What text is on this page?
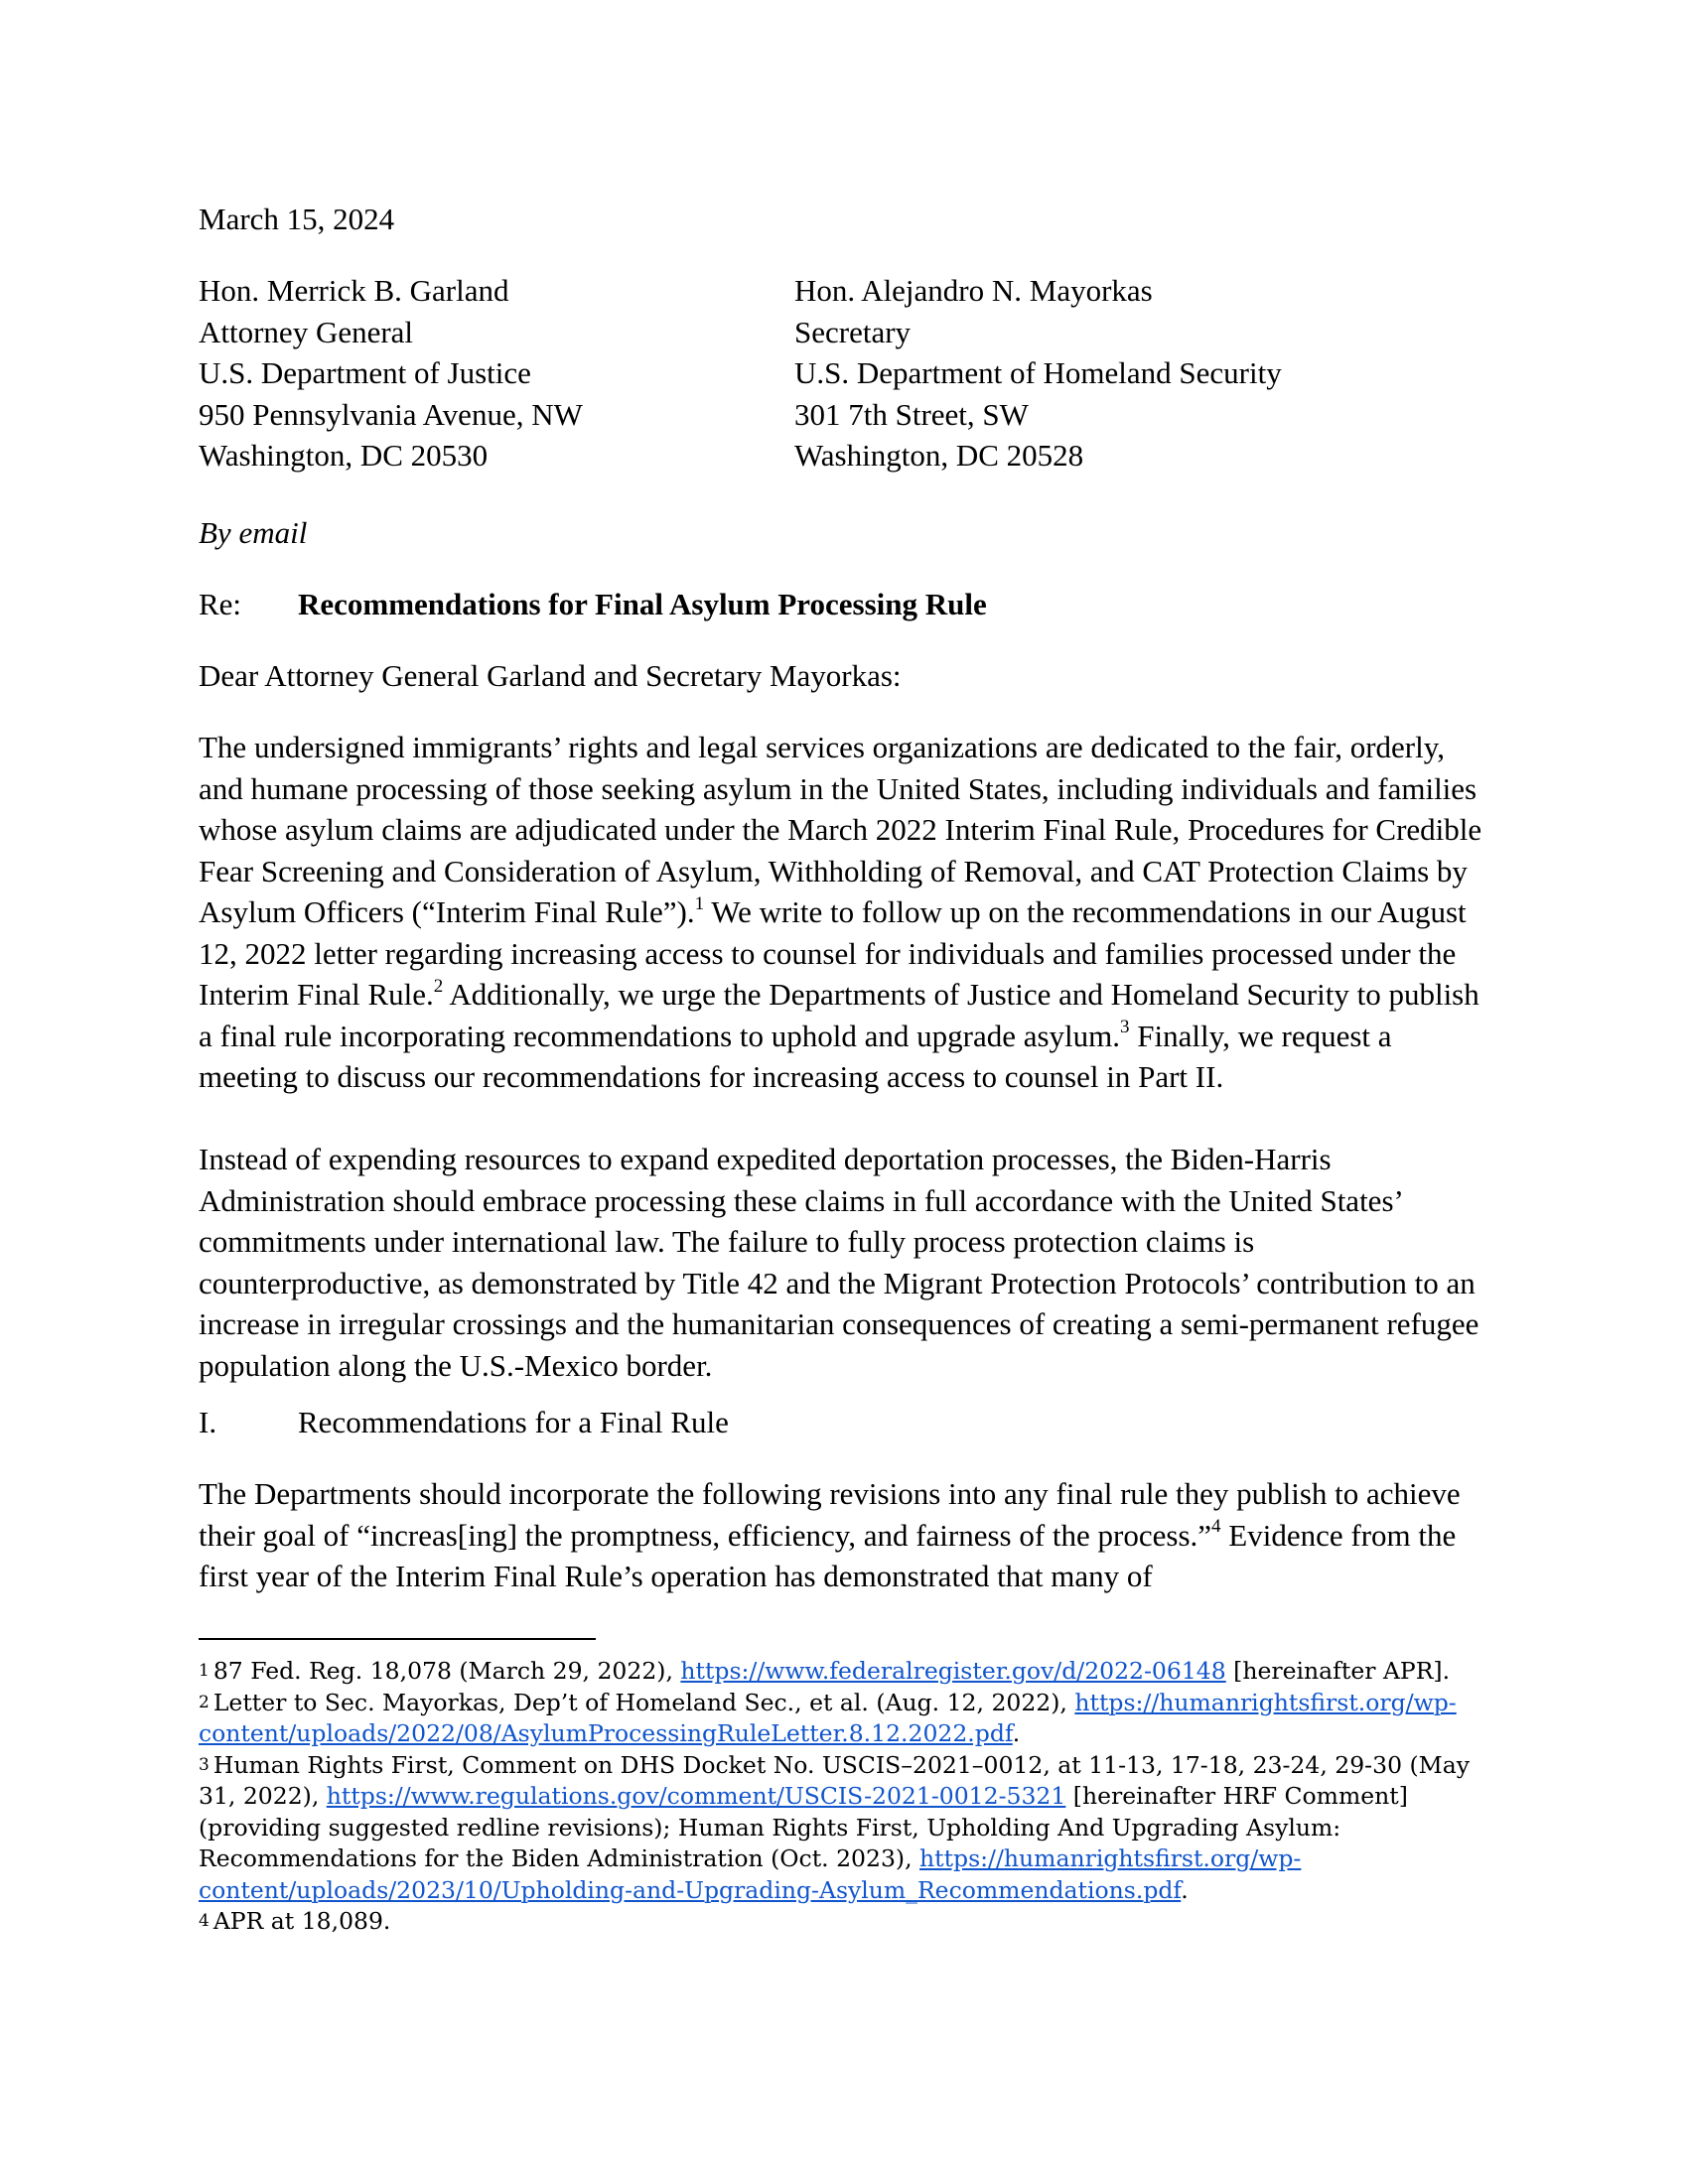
March 15, 2024
Hon. Merrick B. Garland
Attorney General
U.S. Department of Justice
950 Pennsylvania Avenue, NW
Washington, DC 20530
Hon. Alejandro N. Mayorkas
Secretary
U.S. Department of Homeland Security
301 7th Street, SW
Washington, DC 20528
By email
Re: Recommendations for Final Asylum Processing Rule
Dear Attorney General Garland and Secretary Mayorkas:
The undersigned immigrants’ rights and legal services organizations are dedicated to the fair, orderly, and humane processing of those seeking asylum in the United States, including individuals and families whose asylum claims are adjudicated under the March 2022 Interim Final Rule, Procedures for Credible Fear Screening and Consideration of Asylum, Withholding of Removal, and CAT Protection Claims by Asylum Officers (“Interim Final Rule”).$^1$ We write to follow up on the recommendations in our August 12, 2022 letter regarding increasing access to counsel for individuals and families processed under the Interim Final Rule.$^2$ Additionally, we urge the Departments of Justice and Homeland Security to publish a final rule incorporating recommendations to uphold and upgrade asylum.$^3$ Finally, we request a meeting to discuss our recommendations for increasing access to counsel in Part II.
Instead of expending resources to expand expedited deportation processes, the Biden-Harris Administration should embrace processing these claims in full accordance with the United States’ commitments under international law. The failure to fully process protection claims is counterproductive, as demonstrated by Title 42 and the Migrant Protection Protocols’ contribution to an increase in irregular crossings and the humanitarian consequences of creating a semi-permanent refugee population along the U.S.-Mexico border.
I.	Recommendations for a Final Rule
The Departments should incorporate the following revisions into any final rule they publish to achieve their goal of “increas[ing] the promptness, efficiency, and fairness of the process.”$^4$ Evidence from the first year of the Interim Final Rule’s operation has demonstrated that many of

1 87 Fed. Reg. 18,078 (March 29, 2022), https://www.federalregister.gov/d/2022-06148 [hereinafter APR].

2 Letter to Sec. Mayorkas, Dep’t of Homeland Sec., et al. (Aug. 12, 2022), https://humanrightsfirst.org/wp-content/uploads/2022/08/AsylumProcessingRuleLetter.8.12.2022.pdf.

3 Human Rights First, Comment on DHS Docket No. USCIS–2021–0012, at 11-13, 17-18, 23-24, 29-30 (May 31, 2022), https://www.regulations.gov/comment/USCIS-2021-0012-5321 [hereinafter HRF Comment] (providing suggested redline revisions); Human Rights First, Upholding And Upgrading Asylum: Recommendations for the Biden Administration (Oct. 2023), https://humanrightsfirst.org/wp-content/uploads/2023/10/Upholding-and-Upgrading-Asylum_Recommendations.pdf.

4 APR at 18,089.
